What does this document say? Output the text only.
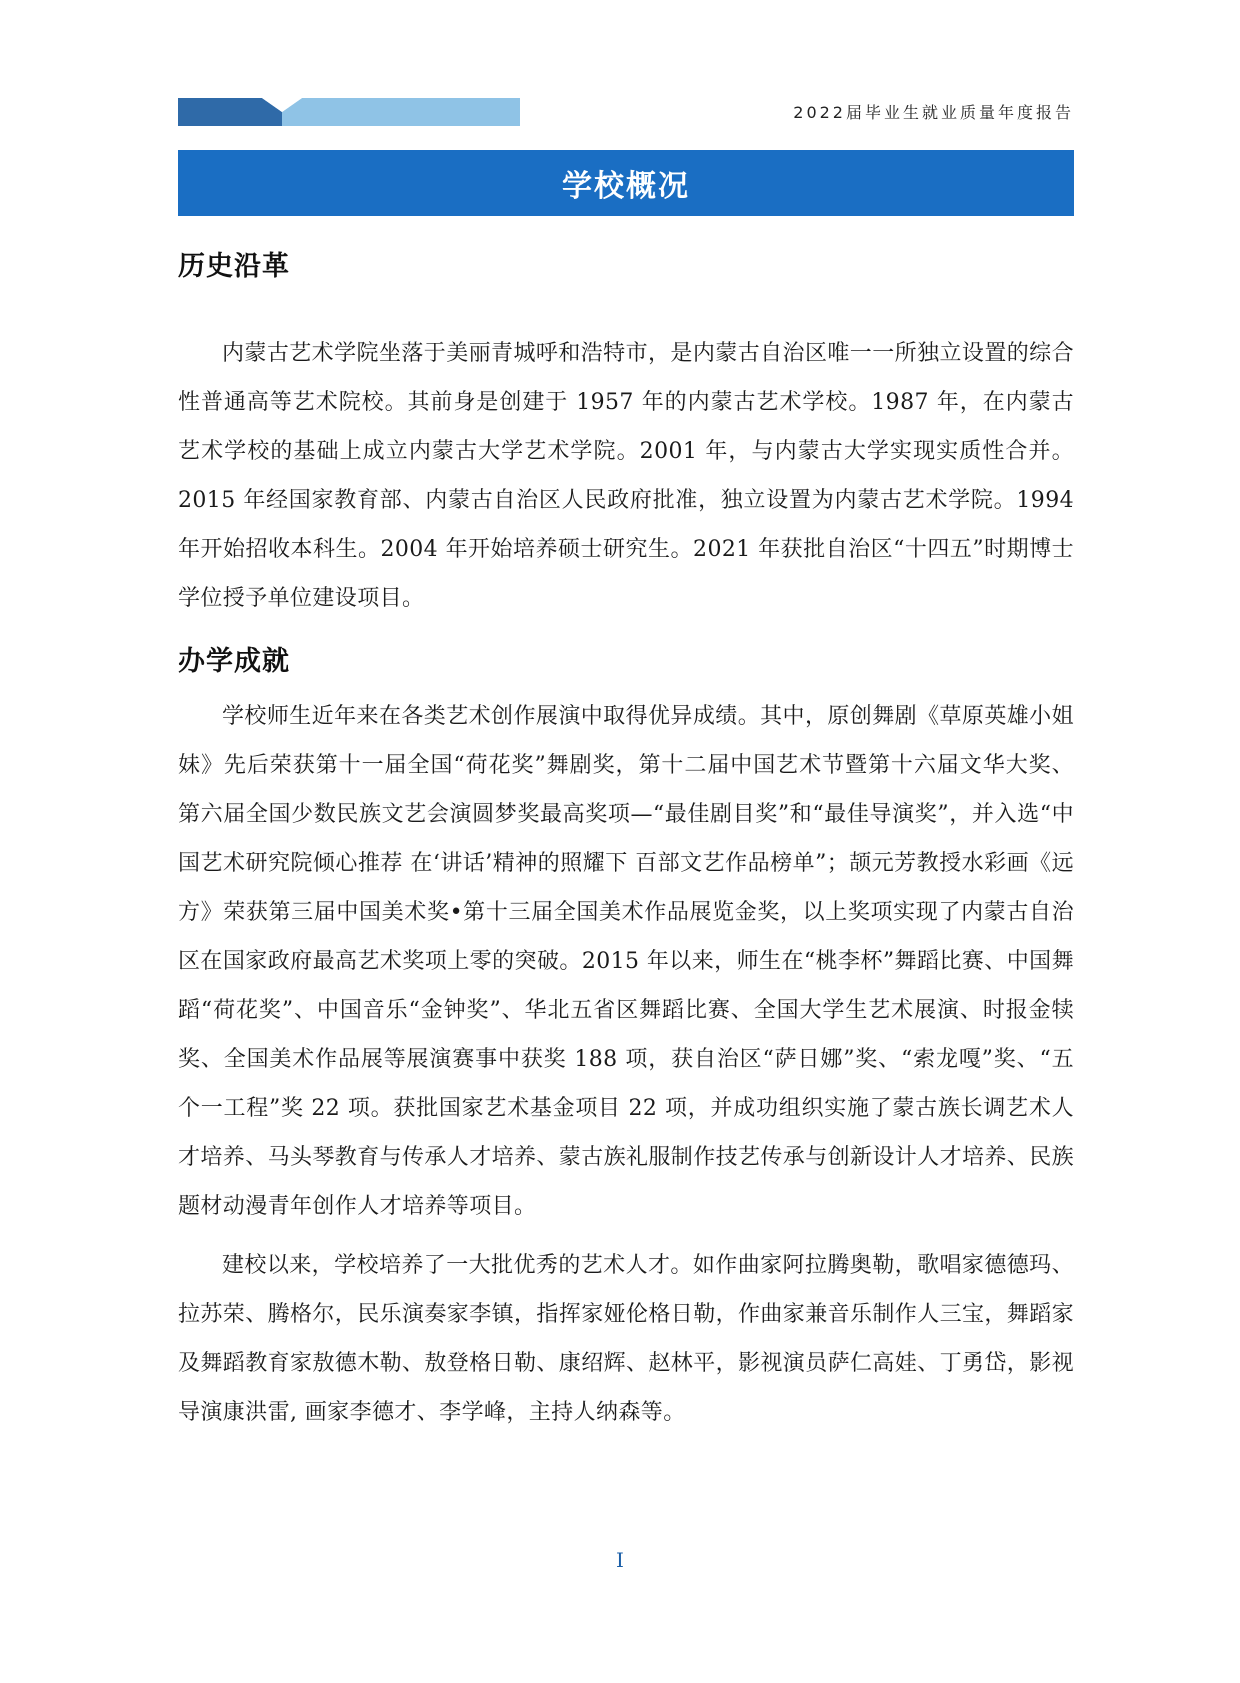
2022届毕业生就业质量年度报告
学校概况
历史沿革

内蒙古艺术学院坐落于美丽青城呼和浩特市，是内蒙古自治区唯一一所独立设置的综合性普通高等艺术院校。其前身是创建于 1957 年的内蒙古艺术学校。1987 年，在内蒙古艺术学校的基础上成立内蒙古大学艺术学院。2001 年，与内蒙古大学实现实质性合并。2015 年经国家教育部、内蒙古自治区人民政府批准，独立设置为内蒙古艺术学院。1994 年开始招收本科生。2004 年开始培养硕士研究生。2021 年获批自治区“十四五”时期博士学位授予单位建设项目。

办学成就

学校师生近年来在各类艺术创作展演中取得优异成绩。其中，原创舞剧《草原英雄小姐妹》先后荣获第十一届全国“荷花奖”舞剧奖，第十二届中国艺术节暨第十六届文华大奖、第六届全国少数民族文艺会演圆梦奖最高奖项—“最佳剧目奖”和“最佳导演奖”，并入选“中国艺术研究院倾心推荐 在‘讲话’精神的照耀下 百部文艺作品榜单”；颉元芳教授水彩画《远方》荣获第三届中国美术奖•第十三届全国美术作品展览金奖，以上奖项实现了内蒙古自治区在国家政府最高艺术奖项上零的突破。2015 年以来，师生在“桃李杯”舞蹈比赛、中国舞蹈“荷花奖”、中国音乐“金钟奖”、华北五省区舞蹈比赛、全国大学生艺术展演、时报金犊奖、全国美术作品展等展演赛事中获奖 188 项，获自治区“萨日娜”奖、“索龙嘎”奖、“五个一工程”奖 22 项。获批国家艺术基金项目 22 项，并成功组织实施了蒙古族长调艺术人才培养、马头琴教育与传承人才培养、蒙古族礼服制作技艺传承与创新设计人才培养、民族题材动漫青年创作人才培养等项目。

建校以来，学校培养了一大批优秀的艺术人才。如作曲家阿拉腾奥勒，歌唱家德德玛、拉苏荣、腾格尔，民乐演奏家李镇，指挥家娅伦格日勒，作曲家兼音乐制作人三宝，舞蹈家及舞蹈教育家敖德木勒、敖登格日勒、康绍辉、赵林平，影视演员萨仁高娃、丁勇岱，影视导演康洪雷, 画家李德才、李学峰，主持人纳森等。

I
